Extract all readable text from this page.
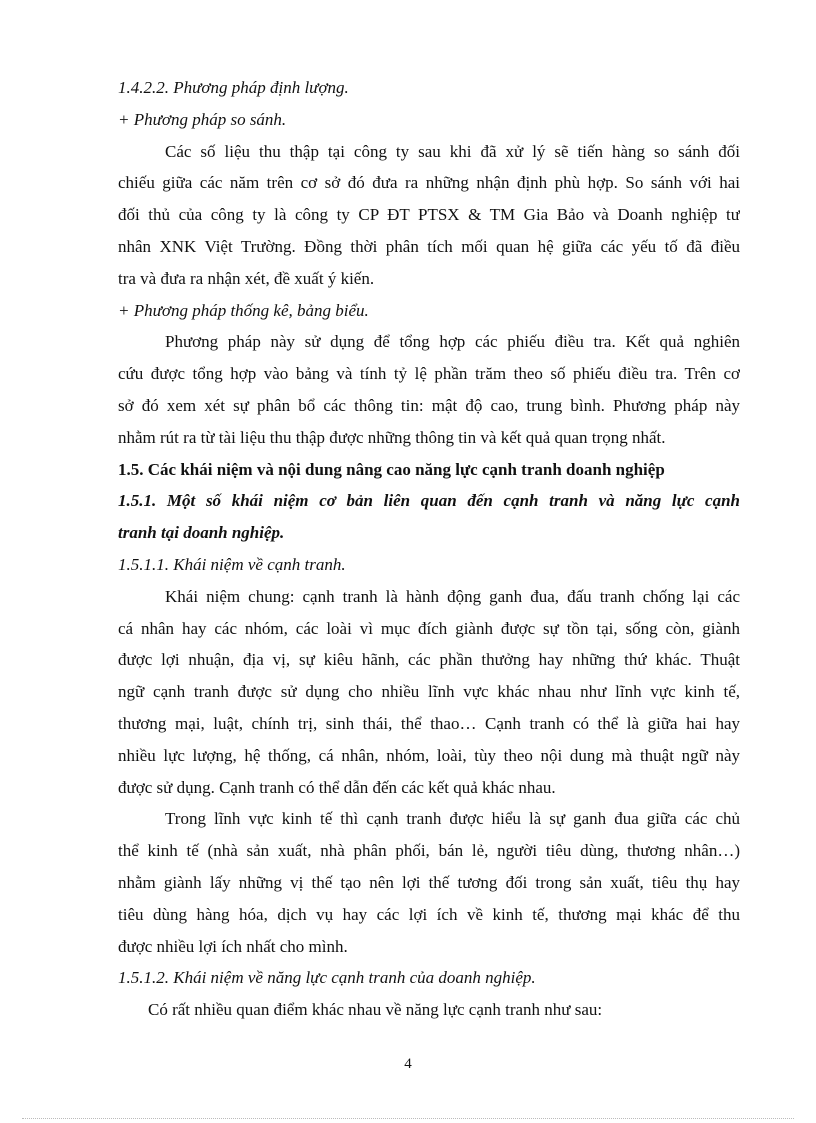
1.4.2.2. Phương pháp định lượng.
+ Phương pháp so sánh.
Các số liệu thu thập tại công ty sau khi đã xử lý sẽ tiến hàng so sánh đối
chiếu giữa các năm trên cơ sở đó đưa ra những nhận định phù hợp. So sánh với hai
đối thủ của công ty là công ty CP ĐT PTSX & TM Gia Bảo và Doanh nghiệp tư
nhân XNK Việt Trường. Đồng thời phân tích mối quan hệ giữa các yếu tố đã điều
tra và đưa ra nhận xét, đề xuất ý kiến.
+ Phương pháp thống kê, bảng biểu.
Phương pháp này sử dụng để tổng hợp các phiếu điều tra. Kết quả nghiên
cứu được tổng hợp vào bảng và tính tỷ lệ phần trăm theo số phiếu điều tra. Trên cơ
sở đó xem xét sự phân bổ các thông tin: mật độ cao, trung bình. Phương pháp này
nhằm rút ra từ tài liệu thu thập được những thông tin và kết quả quan trọng nhất.
1.5. Các khái niệm và nội dung nâng cao năng lực cạnh tranh doanh nghiệp
1.5.1. Một số khái niệm cơ bản liên quan đến cạnh tranh và năng lực cạnh
tranh tại doanh nghiệp.
1.5.1.1. Khái niệm về cạnh tranh.
Khái niệm chung: cạnh tranh là hành động ganh đua, đấu tranh chống lại các
cá nhân hay các nhóm, các loài vì mục đích giành được sự tồn tại, sống còn, giành
được lợi nhuận, địa vị, sự kiêu hãnh, các phần thưởng hay những thứ khác. Thuật
ngữ cạnh tranh được sử dụng cho nhiều lĩnh vực khác nhau như lĩnh vực kinh tế,
thương mại, luật, chính trị, sinh thái, thể thao… Cạnh tranh có thể là giữa hai hay
nhiều lực lượng, hệ thống, cá nhân, nhóm, loài, tùy theo nội dung mà thuật ngữ này
được sử dụng. Cạnh tranh có thể dẫn đến các kết quả khác nhau.
Trong lĩnh vực kinh tế thì cạnh tranh được hiểu là sự ganh đua giữa các chủ
thể kinh tế (nhà sản xuất, nhà phân phối, bán lẻ, người tiêu dùng, thương nhân…)
nhằm giành lấy những vị thế tạo nên lợi thế tương đối trong sản xuất, tiêu thụ hay
tiêu dùng hàng hóa, dịch vụ hay các lợi ích về kinh tế, thương mại khác để thu
được nhiều lợi ích nhất cho mình.
1.5.1.2. Khái niệm về năng lực cạnh tranh của doanh nghiệp.
Có rất nhiều quan điểm khác nhau về năng lực cạnh tranh như sau:
4
